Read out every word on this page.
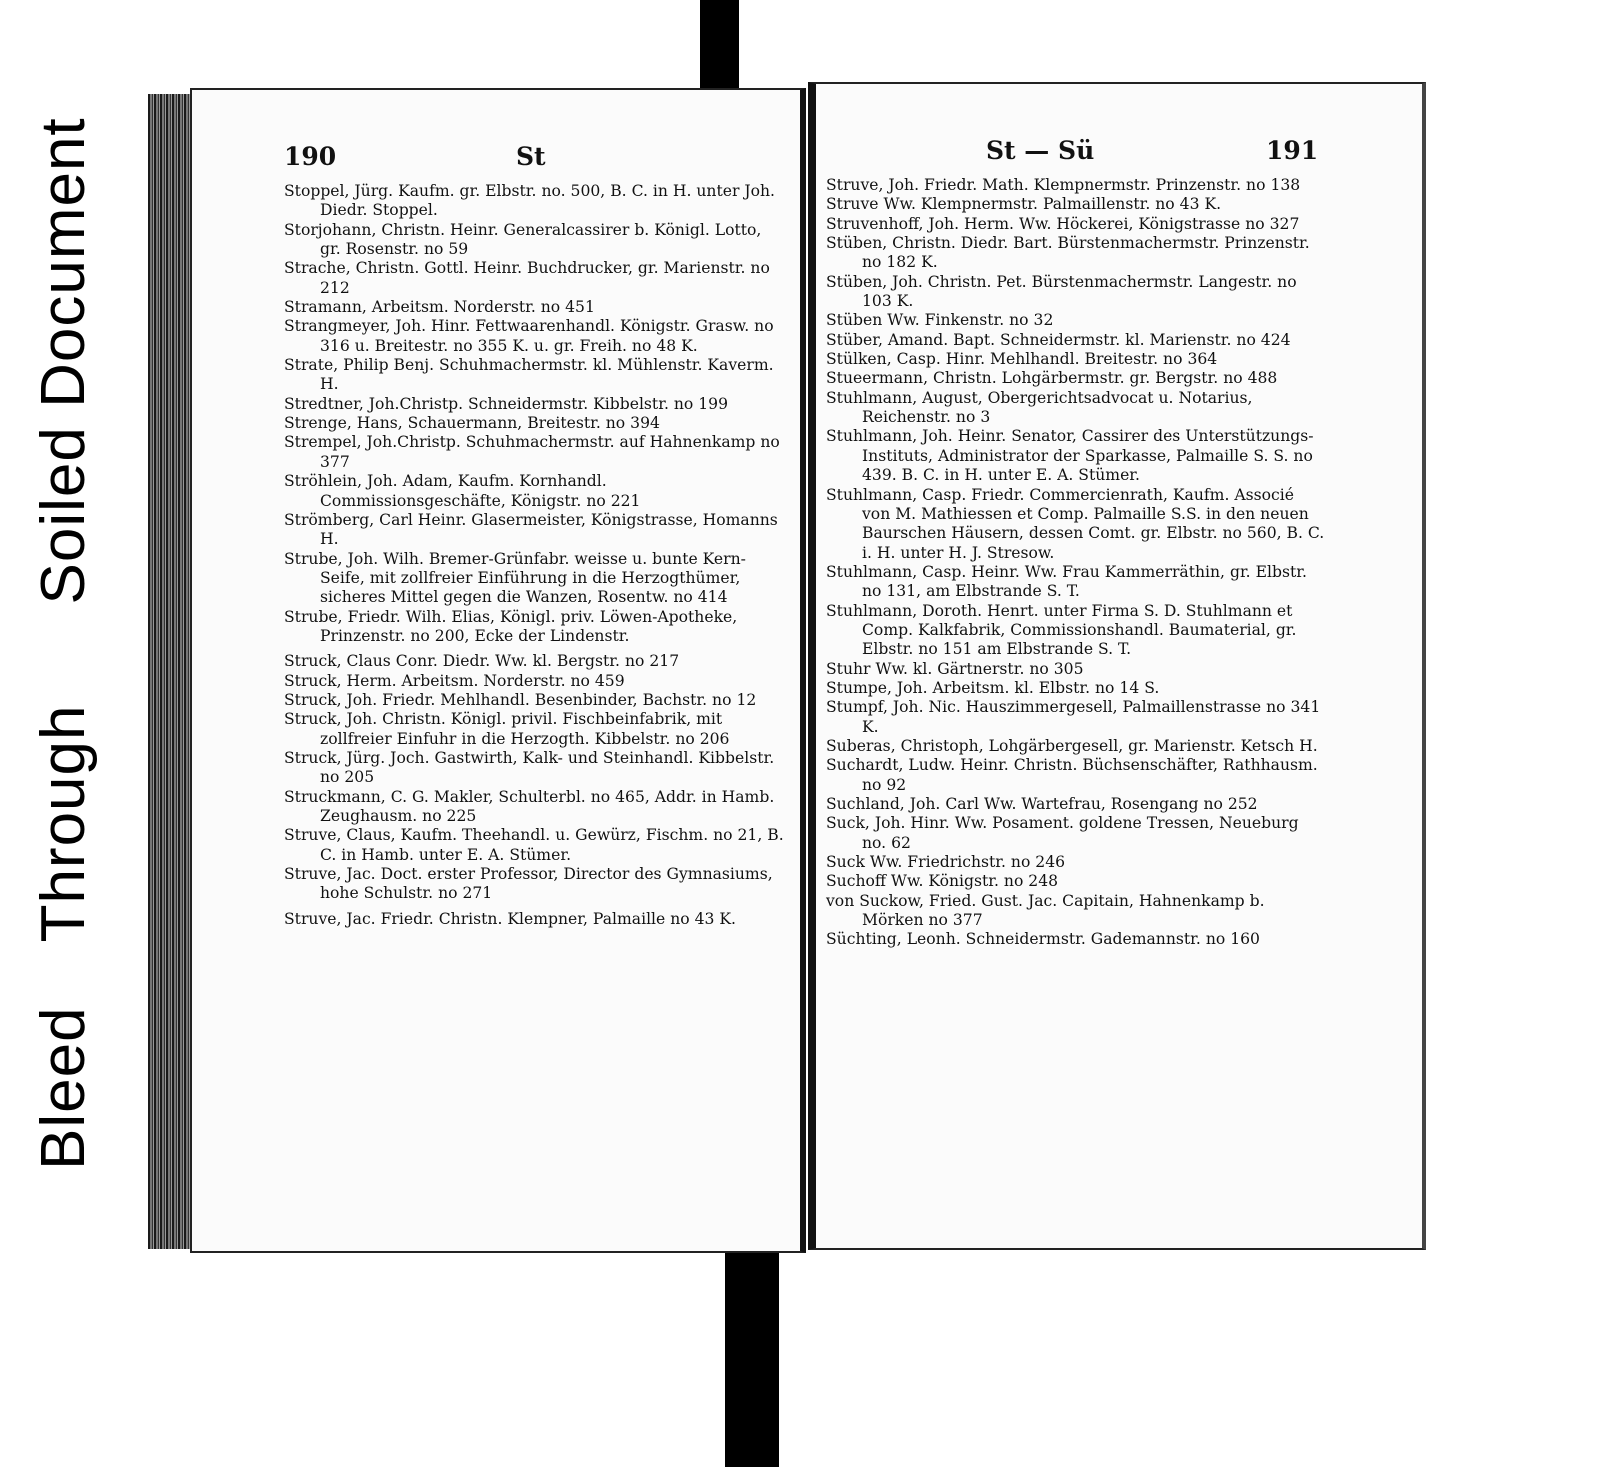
BleedThroughSoiled Document	190	St

Stoppel, Jürg. Kaufm. gr. Elbstr. no. 500, B. C. in H. unter Joh. Diedr. Stoppel.

Storjohann, Christn. Heinr. Generalcassirer b. Königl. Lotto, gr. Rosenstr. no 59

Strache, Christn. Gottl. Heinr. Buchdrucker, gr. Marienstr. no 212

Stramann, Arbeitsm. Norderstr. no 451

Strangmeyer, Joh. Hinr. Fettwaarenhandl. Königstr. Grasw. no 316 u. Breitestr. no 355 K. u. gr. Freih. no 48 K.

Strate, Philip Benj. Schuhmachermstr. kl. Mühlenstr. Kaverm. H.

Stredtner, Joh.Christp. Schneidermstr. Kibbelstr. no 199

Strenge, Hans, Schauermann, Breitestr. no 394

Strempel, Joh.Christp. Schuhmachermstr. auf Hahnenkamp no 377

Ströhlein, Joh. Adam, Kaufm. Kornhandl. Commissionsgeschäfte, Königstr. no 221

Strömberg, Carl Heinr. Glasermeister, Königstrasse, Homanns H.

Strube, Joh. Wilh. Bremer-Grünfabr. weisse u. bunte Kern-Seife, mit zollfreier Einführung in die Herzogthümer, sicheres Mittel gegen die Wanzen, Rosentw. no 414

Strube, Friedr. Wilh. Elias, Königl. priv. Löwen-Apotheke, Prinzenstr. no 200, Ecke der Lindenstr.

Struck, Claus Conr. Diedr. Ww. kl. Bergstr. no 217

Struck, Herm. Arbeitsm. Norderstr. no 459

Struck, Joh. Friedr. Mehlhandl. Besenbinder, Bachstr. no 12

Struck, Joh. Christn. Königl. privil. Fischbeinfabrik, mit zollfreier Einfuhr in die Herzogth. Kibbelstr. no 206

Struck, Jürg. Joch. Gastwirth, Kalk- und Steinhandl. Kibbelstr. no 205

Struckmann, C. G. Makler, Schulterbl. no 465, Addr. in Hamb. Zeughausm. no 225

Struve, Claus, Kaufm. Theehandl. u. Gewürz, Fischm. no 21, B. C. in Hamb. unter E. A. Stümer.

Struve, Jac. Doct. erster Professor, Director des Gymnasiums, hohe Schulstr. no 271

Struve, Jac. Friedr. Christn. Klempner, Palmaille no 43 K.

St — Sü	191

Struve, Joh. Friedr. Math. Klempnermstr. Prinzenstr. no 138

Struve Ww. Klempnermstr. Palmaillenstr. no 43 K.

Struvenhoff, Joh. Herm. Ww. Höckerei, Königstrasse no 327

Stüben, Christn. Diedr. Bart. Bürstenmachermstr. Prinzenstr. no 182 K.

Stüben, Joh. Christn. Pet. Bürstenmachermstr. Langestr. no 103 K.

Stüben Ww. Finkenstr. no 32

Stüber, Amand. Bapt. Schneidermstr. kl. Marienstr. no 424

Stülken, Casp. Hinr. Mehlhandl. Breitestr. no 364

Stueermann, Christn. Lohgärbermstr. gr. Bergstr. no 488

Stuhlmann, August, Obergerichtsadvocat u. Notarius, Reichenstr. no 3

Stuhlmann, Joh. Heinr. Senator, Cassirer des Unterstützungs-Instituts, Administrator der Sparkasse, Palmaille S. S. no 439. B. C. in H. unter E. A. Stümer.

Stuhlmann, Casp. Friedr. Commercienrath, Kaufm. Associé von M. Mathiessen et Comp. Palmaille S.S. in den neuen Baurschen Häusern, dessen Comt. gr. Elbstr. no 560, B. C. i. H. unter H. J. Stresow.

Stuhlmann, Casp. Heinr. Ww. Frau Kammerräthin, gr. Elbstr. no 131, am Elbstrande S. T.

Stuhlmann, Doroth. Henrt. unter Firma S. D. Stuhlmann et Comp. Kalkfabrik, Commissionshandl. Baumaterial, gr. Elbstr. no 151 am Elbstrande S. T.

Stuhr Ww. kl. Gärtnerstr. no 305

Stumpe, Joh. Arbeitsm. kl. Elbstr. no 14 S.

Stumpf, Joh. Nic. Hauszimmergesell, Palmaillenstrasse no 341 K.

Suberas, Christoph, Lohgärbergesell, gr. Marienstr. Ketsch H.

Suchardt, Ludw. Heinr. Christn. Büchsenschäfter, Rathhausm. no 92

Suchland, Joh. Carl Ww. Wartefrau, Rosengang no 252

Suck, Joh. Hinr. Ww. Posament. goldene Tressen, Neueburg no. 62

Suck Ww. Friedrichstr. no 246

Suchoff Ww. Königstr. no 248

von Suckow, Fried. Gust. Jac. Capitain, Hahnenkamp b. Mörken no 377

Süchting, Leonh. Schneidermstr. Gademannstr. no 160
